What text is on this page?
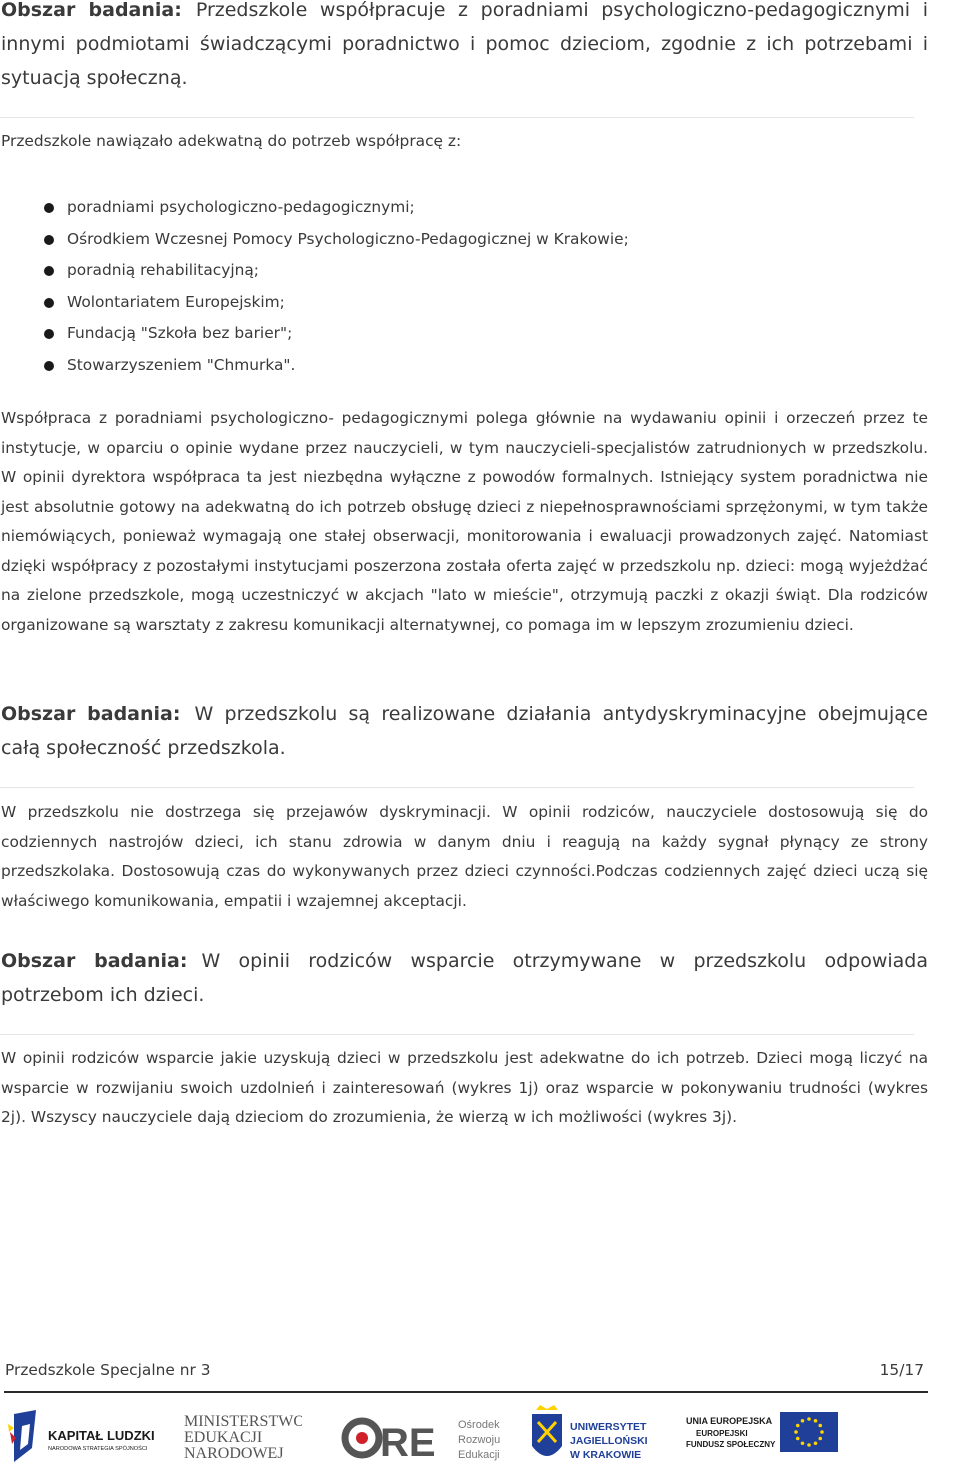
Obszar badania: Przedszkole współpracuje z poradniami psychologiczno-pedagogicznymi i innymi podmiotami świadczącymi poradnictwo i pomoc dzieciom, zgodnie z ich potrzebami i sytuacją społeczną.
Przedszkole nawiązało adekwatną do potrzeb współpracę z:
poradniami psychologiczno-pedagogicznymi;
Ośrodkiem Wczesnej Pomocy Psychologiczno-Pedagogicznej w Krakowie;
poradnią rehabilitacyjną;
Wolontariatem Europejskim;
Fundacją "Szkoła bez barier";
Stowarzyszeniem "Chmurka".
Współpraca z poradniami psychologiczno- pedagogicznymi polega głównie na wydawaniu opinii i orzeczeń przez te instytucje, w oparciu o opinie wydane przez nauczycieli, w tym nauczycieli-specjalistów zatrudnionych w przedszkolu. W opinii dyrektora współpraca ta jest niezbędna wyłączne z powodów formalnych. Istniejący system poradnictwa nie jest absolutnie gotowy na adekwatną do ich potrzeb obsługę dzieci z niepełnosprawnościami sprzężonymi, w tym także niemówiących, ponieważ wymagają one stałej obserwacji, monitorowania i ewaluacji prowadzonych zajęć. Natomiast dzięki współpracy z pozostałymi instytucjami poszerzona została oferta zajęć w przedszkolu np. dzieci: mogą wyjeżdżać na zielone przedszkole, mogą uczestniczyć w akcjach "lato w mieście", otrzymują paczki z okazji świąt. Dla rodziców organizowane są warsztaty z zakresu komunikacji alternatywnej, co pomaga im w lepszym zrozumieniu dzieci.
Obszar badania: W przedszkolu są realizowane działania antydyskryminacyjne obejmujące całą społeczność przedszkola.
W przedszkolu nie dostrzega się przejawów dyskryminacji. W opinii rodziców, nauczyciele dostosowują się do codziennych nastrojów dzieci, ich stanu zdrowia w danym dniu i reagują na każdy sygnał płynący ze strony przedszkolaka. Dostosowują czas do wykonywanych przez dzieci czynności.Podczas codziennych zajęć dzieci uczą się właściwego komunikowania, empatii i wzajemnej akceptacji.
Obszar badania: W opinii rodziców wsparcie otrzymywane w przedszkolu odpowiada potrzebom ich dzieci.
W opinii rodziców wsparcie jakie uzyskują dzieci w przedszkolu jest adekwatne do ich potrzeb. Dzieci mogą liczyć na wsparcie w rozwijaniu swoich uzdolnień i zainteresowań (wykres 1j) oraz wsparcie w pokonywaniu trudności (wykres 2j). Wszyscy nauczyciele dają dzieciom do zrozumienia, że wierzą w ich możliwości (wykres 3j).
Przedszkole Specjalne nr 3	15/17
KAPITAŁ LUDZKI
NARODOWA STRATEGIA SPÓJNOŚCI
MINISTERSTWO
EDUKACJI
NARODOWEJ RE Ośrodek
Rozwoju
Edukacji
UNIWERSYTET
JAGIELLOŃSKI
W KRAKOWIE
UNIA EUROPEJSKA
EUROPEJSKI
FUNDUSZ SPOŁECZNY
